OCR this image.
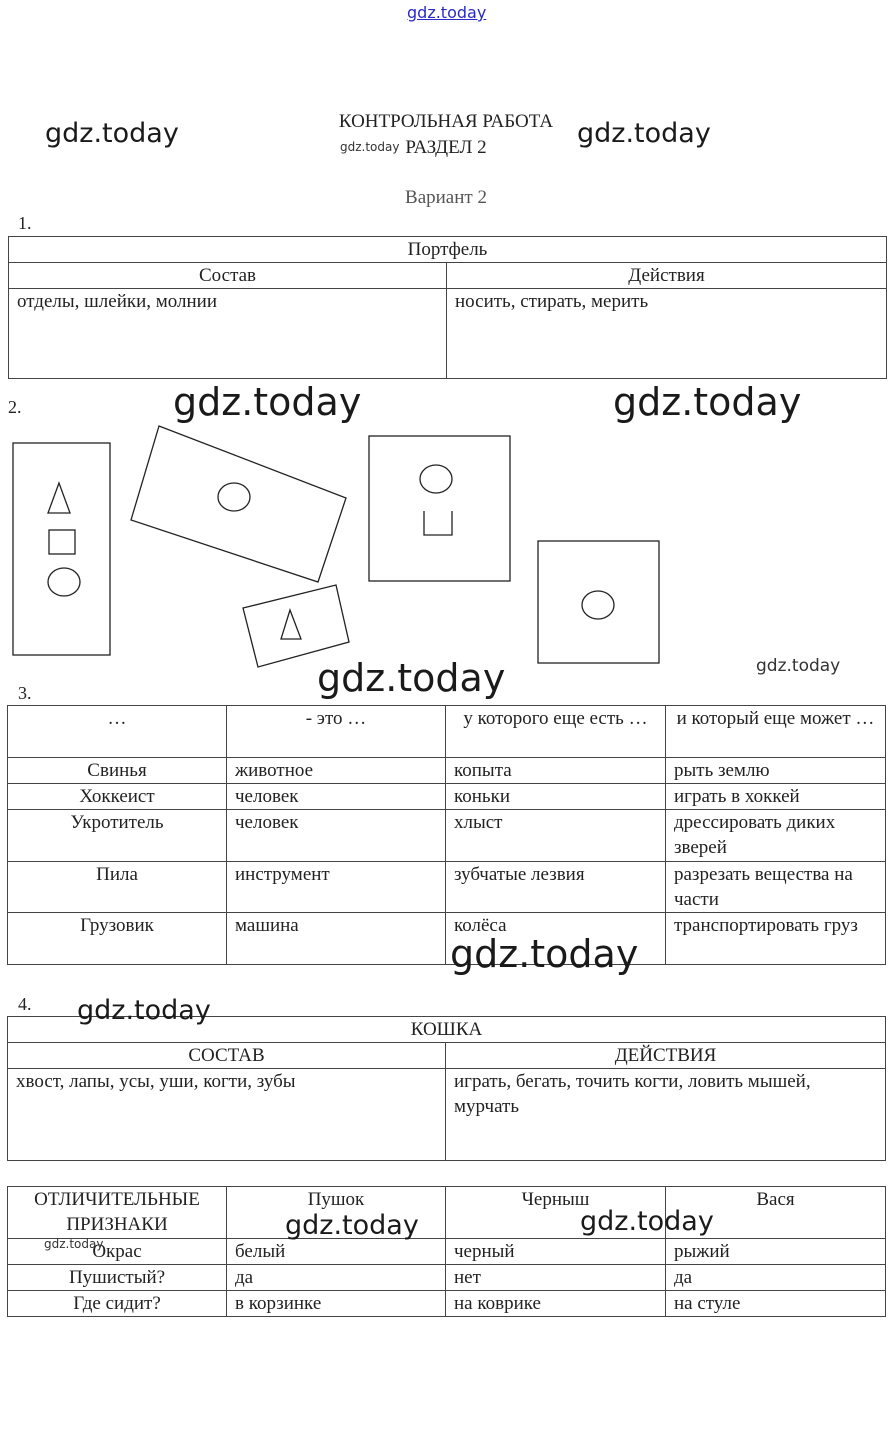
gdz.today
gdz.today	gdz.today
gdz.today
gdz.today	gdz.today
gdz.today
gdz.today
КОНТРОЛЬНАЯ РАБОТА
РАЗДЕЛ 2
Вариант 2
1.
Портфель	
Состав	Действия
отделы, шлейки, молнии	носить, стирать, мерить
2.
3.
…	- это …	у которого еще есть …	и который еще может …
Свинья	животное	копыта	рыть землю
Хоккеист	человек	коньки	играть в хоккей
Укротитель	человек	хлыст	дрессировать диких зверей
Пила	инструмент	зубчатые лезвия	разрезать вещества на части
Грузовик	машина	колёса	транспортировать груз
gdz.today
4.
КОШКА	
СОСТАВ	ДЕЙСТВИЯ
хвост, лапы, усы, уши, когти, зубы	играть, бегать, точить когти, ловить мышей, мурчать
gdz.today
ОТЛИЧИТЕЛЬНЫЕ ПРИЗНАКИ	Пушок	Черныш	Вася
Окрас	белый	черный	рыжий
Пушистый?	да	нет	да
Где сидит?	в корзинке	на коврике	на стуле
gdz.today	gdz.today
gdz.today
